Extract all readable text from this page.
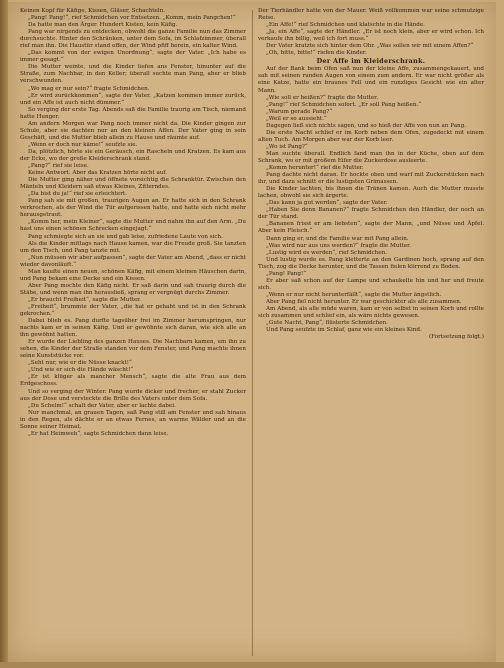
Keinen Kopf für Käfige, Kissen, Gläser, Schachteln.

„Pang! Pang!“, rief Schmidchen vor Entsetzen. „Komm, mein Pangchen!“

Da hatte man den Ärger. Hundert Kisten, kein Käfig.

Pang war nirgends zu entdecken, obwohl die ganze Familie nun das Zimmer durchsuchte. Hinter den Schränken, unter dem Sofa, im Schlafzimmer, überall rief man ihn. Die Haustür stand offen, der Wind pfiff herein, ein kalter Wind.

„Das kommt von der ewigen Unordnung“, sagte der Vater. „Ich habe es immer gesagt.“

Die Mutter weinte, und die Kinder liefen ans Fenster, hinunter auf die Straße, zum Nachbar, in den Keller; überall suchte man Pang, aber er blieb verschwunden.

„Wo mag er nur sein?“ fragte Schmidchen.

„Er wird zurückkommen“, sagte der Vater. „Katzen kommen immer zurück, und ein Affe ist auch nicht dümmer.“

So verging der erste Tag. Abends saß die Familie traurig am Tisch, niemand hatte Hunger.

Am andern Morgen war Pang noch immer nicht da. Die Kinder gingen zur Schule, aber sie dachten nur an den kleinen Affen. Der Vater ging in sein Geschäft, und die Mutter blieb allein zu Hause und räumte auf.

„Wenn er doch nur käme!“ seufzte sie.

Da, plötzlich, hörte sie ein Geräusch, ein Rascheln und Kratzen. Es kam aus der Ecke, wo der große Kleiderschrank stand.

„Pang?“ rief sie leise.

Keine Antwort. Aber das Kratzen hörte nicht auf.

Die Mutter ging näher und öffnete vorsichtig die Schranktür. Zwischen den Mänteln und Kleidern saß etwas Kleines, Zitterndes.

„Da bist du ja!“ rief sie erleichtert.

Pang sah sie mit großen, traurigen Augen an. Er hatte sich in den Schrank verkrochen, als der Wind die Tür aufgerissen hatte, und hatte sich nicht mehr herausgetraut.

„Komm her, mein Kleiner“, sagte die Mutter und nahm ihn auf den Arm. „Du hast uns einen schönen Schrecken eingejagt.“

Pang schmiegte sich an sie und gab leise, zufriedene Laute von sich.

Als die Kinder mittags nach Hause kamen, war die Freude groß. Sie tanzten um den Tisch, und Pang tanzte mit.

„Nun müssen wir aber aufpassen“, sagte der Vater am Abend, „dass er nicht wieder davonläuft.“

Man kaufte einen neuen, schönen Käfig, mit einem kleinen Häuschen darin, und Pang bekam eine Decke und ein Kissen.

Aber Pang mochte den Käfig nicht. Er saß darin und sah traurig durch die Stäbe, und wenn man ihn herausließ, sprang er vergnügt durchs Zimmer.

„Er braucht Freiheit“, sagte die Mutter.

„Freiheit“, brummte der Vater, „die hat er gehabt und ist in den Schrank gekrochen.“

Dabei blieb es. Pang durfte tagsüber frei im Zimmer herumspringen, nur nachts kam er in seinen Käfig. Und er gewöhnte sich daran, wie sich alle an ihn gewöhnt hatten.

Er wurde der Liebling des ganzen Hauses. Die Nachbarn kamen, um ihn zu sehen, die Kinder der Straße standen vor dem Fenster, und Pang machte ihnen seine Kunststücke vor.

„Seht nur, wie er die Nüsse knackt!“

„Und wie er sich die Hände wäscht!“

„Er ist klüger als mancher Mensch“, sagte die alte Frau aus dem Erdgeschoss.

Und so verging der Winter. Pang wurde dicker und frecher, er stahl Zucker aus der Dose und versteckte die Brille des Vaters unter dem Sofa.

„Du Schelm!“ schalt der Vater, aber er lachte dabei.

Nur manchmal, an grauen Tagen, saß Pang still am Fenster und sah hinaus in den Regen, als dächte er an etwas Fernes, an warme Wälder und an die Sonne seiner Heimat.

„Er hat Heimweh“, sagte Schmidchen dann leise.

Der Tierhändler hatte von der Mauer. Weiß vollkommen war seine schmutzige Reise.

„Ein Affe!“ rief Schmidchen und klatschte in die Hände.

„Ja, ein Affe“, sagte der Händler. „Er ist noch klein, aber er wird schon. Ich verkaufe ihn billig, weil ich fort muss.“

Der Vater kratzte sich hinter dem Ohr. „Was sollen wir mit einem Affen?“

„Oh, bitte, bitte!“ riefen die Kinder.

Der Affe im Kleiderschrank.

Auf der Bank beim Ofen saß nun der kleine Affe, zusammengekauert, und sah mit seinen runden Augen von einem zum andern. Er war nicht größer als eine Katze, hatte ein braunes Fell und ein runzliges Gesicht wie ein alter Mann.

„Wie soll er heißen?“ fragte die Mutter.

„Pang!“ rief Schmidchen sofort. „Er soll Pang heißen.“

„Warum gerade Pang?“

„Weil er so aussieht.“

Dagegen ließ sich nichts sagen, und so hieß der Affe von nun an Pang.

Die erste Nacht schlief er im Korb neben dem Ofen, zugedeckt mit einem alten Tuch. Am Morgen aber war der Korb leer.

„Wo ist Pang?“

Man suchte überall. Endlich fand man ihn in der Küche, oben auf dem Schrank, wo er mit großem Eifer die Zuckerdose ausleerte.

„Komm herunter!“ rief die Mutter.

Pang dachte nicht daran. Er hockte oben und warf mit Zuckerstücken nach ihr, und dazu schnitt er die lustigsten Grimassen.

Die Kinder lachten, bis ihnen die Tränen kamen. Auch die Mutter musste lachen, obwohl sie sich ärgerte.

„Das kann ja gut werden“, sagte der Vater.

„Haben Sie denn Bananen?“ fragte Schmidchen den Händler, der noch an der Tür stand.

„Bananen frisst er am liebsten“, sagte der Mann, „und Nüsse und Äpfel. Aber kein Fleisch.“

Dann ging er, und die Familie war mit Pang allein.

„Was wird nur aus uns werden?“ fragte die Mutter.

„Lustig wird es werden“, rief Schmidchen.

Und lustig wurde es. Pang kletterte an den Gardinen hoch, sprang auf den Tisch, zog die Decke herunter, und die Tassen fielen klirrend zu Boden.

„Pang! Pang!“

Er aber saß schon auf der Lampe und schaukelte hin und her und freute sich.

„Wenn er nur nicht herunterfällt“, sagte die Mutter ängstlich.

Aber Pang fiel nicht herunter. Er war geschickter als alle zusammen.

Am Abend, als alle müde waren, kam er von selbst in seinen Korb und rollte sich zusammen und schlief ein, als wäre nichts gewesen.

„Gute Nacht, Pang“, flüsterte Schmidchen.

Und Pang seufzte im Schlaf, ganz wie ein kleines Kind.

(Fortsetzung folgt.)
